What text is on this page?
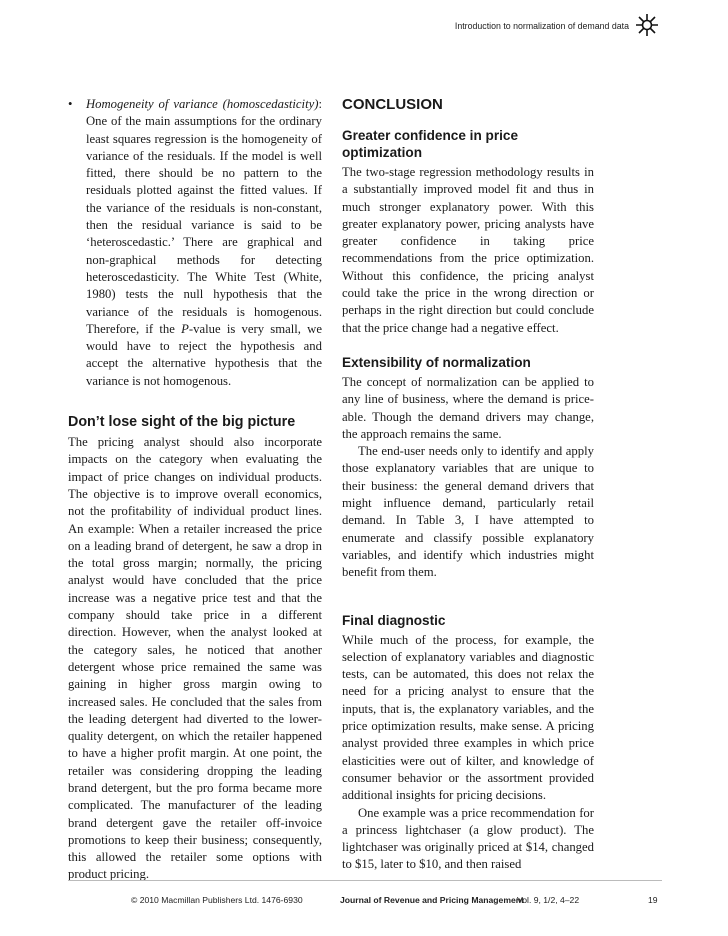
Introduction to normalization of demand data
• Homogeneity of variance (homoscedasticity): One of the main assumptions for the ordinary least squares regression is the homogeneity of variance of the residuals. If the model is well fitted, there should be no pattern to the residuals plotted against the fitted values. If the variance of the residuals is non-constant, then the residual variance is said to be ‘heteroscedastic.’ There are graphical and non-graphical methods for detecting heteroscedasticity. The White Test (White, 1980) tests the null hypothesis that the variance of the residuals is homogenous. Therefore, if the P-value is very small, we would have to reject the hypothesis and accept the alternative hypothesis that the variance is not homogenous.
Don’t lose sight of the big picture

The pricing analyst should also incorporate impacts on the category when evaluating the impact of price changes on individual products. The objective is to improve overall economics, not the profitability of individual product lines. An example: When a retailer increased the price on a leading brand of detergent, he saw a drop in the total gross margin; normally, the pricing analyst would have concluded that the price increase was a negative price test and that the company should take price in a different direction. However, when the analyst looked at the category sales, he noticed that another detergent whose price remained the same was gaining in higher gross margin owing to increased sales. He concluded that the sales from the leading detergent had diverted to the lower-quality detergent, on which the retailer happened to have a higher profit margin. At one point, the retailer was considering dropping the leading brand detergent, but the pro forma became more complicated. The manufacturer of the leading brand detergent gave the retailer off-invoice promotions to keep their business; consequently, this allowed the retailer some options with product pricing.

CONCLUSION
Greater confidence in price optimization

The two-stage regression methodology results in a substantially improved model fit and thus in much stronger explanatory power. With this greater explanatory power, pricing analysts have greater confidence in taking price recommendations from the price optimization. Without this confidence, the pricing analyst could take the price in the wrong direction or perhaps in the right direction but could conclude that the price change had a negative effect.

Extensibility of normalization

The concept of normalization can be applied to any line of business, where the demand is price-able. Though the demand drivers may change, the approach remains the same.

The end-user needs only to identify and apply those explanatory variables that are unique to their business: the general demand drivers that might influence demand, particularly retail demand. In Table 3, I have attempted to enumerate and classify possible explanatory variables, and identify which industries might benefit from them.

Final diagnostic

While much of the process, for example, the selection of explanatory variables and diagnostic tests, can be automated, this does not relax the need for a pricing analyst to ensure that the inputs, that is, the explanatory variables, and the price optimization results, make sense. A pricing analyst provided three examples in which price elasticities were out of kilter, and knowledge of consumer behavior or the assortment provided additional insights for pricing decisions.

One example was a price recommendation for a princess lightchaser (a glow product). The lightchaser was originally priced at $14, changed to $15, later to $10, and then raised

© 2010 Macmillan Publishers Ltd. 1476-6930	Journal of Revenue and Pricing Management
Vol. 9, 1/2, 4–22	19
